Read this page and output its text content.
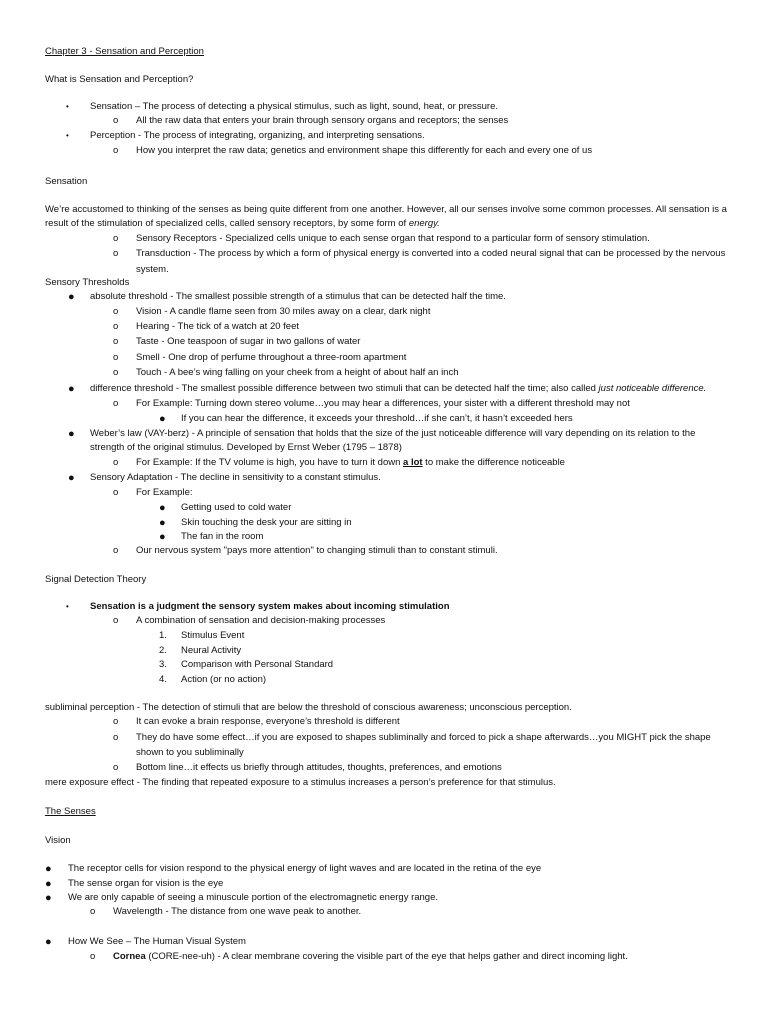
Chapter 3 - Sensation and Perception
What is Sensation and Perception?
• Sensation – The process of detecting a physical stimulus, such as light, sound, heat, or pressure.
o All the raw data that enters your brain through sensory organs and receptors; the senses
• Perception - The process of integrating, organizing, and interpreting sensations.
o How you interpret the raw data; genetics and environment shape this differently for each and every one of us
Sensation
We’re accustomed to thinking of the senses as being quite different from one another. However, all our senses involve some common processes. All sensation is a
result of the stimulation of specialized cells, called sensory receptors, by some form of energy.
o Sensory Receptors - Specialized cells unique to each sense organ that respond to a particular form of sensory stimulation.
o Transduction - The process by which a form of physical energy is converted into a coded neural signal that can be processed by the nervous
system.
Sensory Thresholds
● absolute threshold - The smallest possible strength of a stimulus that can be detected half the time.
o Vision - A candle flame seen from 30 miles away on a clear, dark night
o Hearing - The tick of a watch at 20 feet
o Taste - One teaspoon of sugar in two gallons of water
o Smell - One drop of perfume throughout a three-room apartment
o Touch - A bee’s wing falling on your cheek from a height of about half an inch
● difference threshold - The smallest possible difference between two stimuli that can be detected half the time; also called just noticeable difference.
o For Example: Turning down stereo volume…you may hear a differences, your sister with a different threshold may not
● If you can hear the difference, it exceeds your threshold…if she can’t, it hasn’t exceeded hers
● Weber’s law (VAY-berz) - A principle of sensation that holds that the size of the just noticeable difference will vary depending on its relation to the
strength of the original stimulus. Developed by Ernst Weber (1795 – 1878)
o For Example: If the TV volume is high, you have to turn it down a lot to make the difference noticeable
● Sensory Adaptation - The decline in sensitivity to a constant stimulus.
o For Example:
● Getting used to cold water
● Skin touching the desk your are sitting in
● The fan in the room
o Our nervous system "pays more attention" to changing stimuli than to constant stimuli.
Signal Detection Theory
• Sensation is a judgment the sensory system makes about incoming stimulation
o A combination of sensation and decision-making processes
1. Stimulus Event
2. Neural Activity
3. Comparison with Personal Standard
4. Action (or no action)
subliminal perception - The detection of stimuli that are below the threshold of conscious awareness; unconscious perception.
o It can evoke a brain response, everyone’s threshold is different
o They do have some effect…if you are exposed to shapes subliminally and forced to pick a shape afterwards…you MIGHT pick the shape
shown to you subliminally
o Bottom line…it effects us briefly through attitudes, thoughts, preferences, and emotions
mere exposure effect - The finding that repeated exposure to a stimulus increases a person’s preference for that stimulus.
The Senses
Vision
● The receptor cells for vision respond to the physical energy of light waves and are located in the retina of the eye
● The sense organ for vision is the eye
● We are only capable of seeing a minuscule portion of the electromagnetic energy range.
o Wavelength - The distance from one wave peak to another.
● How We See – The Human Visual System
o Cornea (CORE-nee-uh) - A clear membrane covering the visible part of the eye that helps gather and direct incoming light.
